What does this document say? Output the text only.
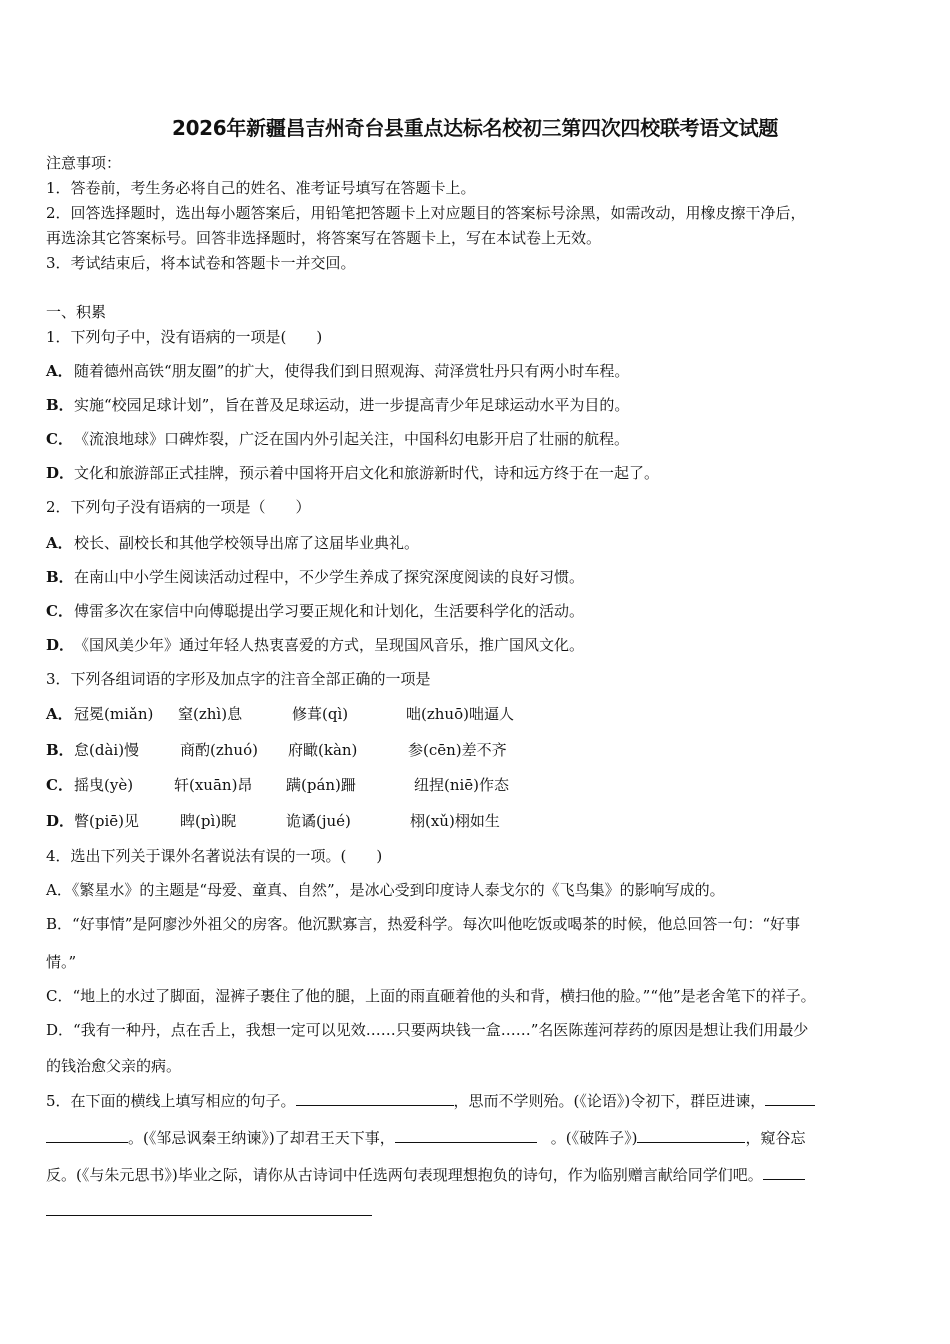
2026年新疆昌吉州奇台县重点达标名校初三第四次四校联考语文试题
注意事项：
1．答卷前，考生务必将自己的姓名、准考证号填写在答题卡上。
2．回答选择题时，选出每小题答案后，用铅笔把答题卡上对应题目的答案标号涂黑，如需改动，用橡皮擦干净后，
再选涂其它答案标号。回答非选择题时，将答案写在答题卡上，写在本试卷上无效。
3．考试结束后，将本试卷和答题卡一并交回。
一、积累
1．下列句子中，没有语病的一项是(　　)
A．随着德州高铁“朋友圈”的扩大，使得我们到日照观海、菏泽赏牡丹只有两小时车程。
B．实施“校园足球计划”，旨在普及足球运动，进一步提高青少年足球运动水平为目的。
C．《流浪地球》口碑炸裂，广泛在国内外引起关注，中国科幻电影开启了壮丽的航程。
D．文化和旅游部正式挂牌，预示着中国将开启文化和旅游新时代，诗和远方终于在一起了。
2．下列句子没有语病的一项是（　　）
A．校长、副校长和其他学校领导出席了这届毕业典礼。
B．在南山中小学生阅读活动过程中，不少学生养成了探究深度阅读的良好习惯。
C．傅雷多次在家信中向傅聪提出学习要正规化和计划化，生活要科学化的活动。
D．《国风美少年》通过年轻人热衷喜爱的方式，呈现国风音乐，推广国风文化。
3．下列各组词语的字形及加点字的注音全部正确的一项是
A．冠冕(miǎn) 窒(zhì)息	修葺(qì)	咄(zhuō)咄逼人
B．怠(dài)慢	商酌(zhuó) 府瞰(kàn)	参(cēn)差不齐
C．摇曳(yè)	轩(xuān)昂 蹒(pán)跚	纽捏(niē)作态
D．瞥(piē)见	睥(pì)睨	诡谲(jué)	栩(xǔ)栩如生
4．选出下列关于课外名著说法有误的一项。(　　)
A．《繁星水》的主题是“母爱、童真、自然”，是冰心受到印度诗人泰戈尔的《飞鸟集》的影响写成的。
B．“好事情”是阿廖沙外祖父的房客。他沉默寡言，热爱科学。每次叫他吃饭或喝茶的时候，他总回答一句：“好事
情。”
C．“地上的水过了脚面，湿裤子裹住了他的腿，上面的雨直砸着他的头和背，横扫他的脸。”“他”是老舍笔下的祥子。
D．“我有一种丹，点在舌上，我想一定可以见效……只要两块钱一盒……”名医陈莲河荐药的原因是想让我们用最少
的钱治愈父亲的病。
5．在下面的横线上填写相应的句子。	，思而不学则殆。(《论语》)令初下，群臣进谏，
。(《邹忌讽秦王纳谏》)了却君王天下事，	。(《破阵子》)	，窥谷忘
反。(《与朱元思书》)毕业之际，请你从古诗词中任选两句表现理想抱负的诗句，作为临别赠言献给同学们吧。
